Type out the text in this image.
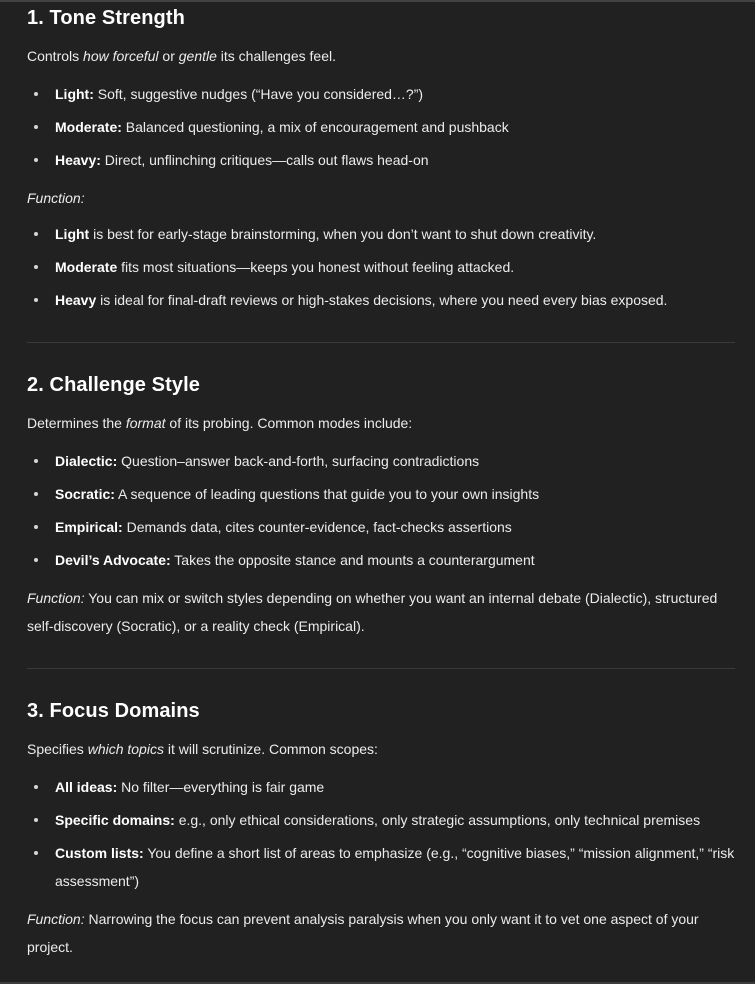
1. Tone Strength

Controls how forceful or gentle its challenges feel.

Light: Soft, suggestive nudges (“Have you considered…?”)
Moderate: Balanced questioning, a mix of encouragement and pushback
Heavy: Direct, unflinching critiques—calls out flaws head-on

Function:

Light is best for early-stage brainstorming, when you don’t want to shut down creativity.
Moderate fits most situations—keeps you honest without feeling attacked.
Heavy is ideal for final-draft reviews or high-stakes decisions, where you need every bias exposed.
2. Challenge Style

Determines the format of its probing. Common modes include:

Dialectic: Question–answer back-and-forth, surfacing contradictions
Socratic: A sequence of leading questions that guide you to your own insights
Empirical: Demands data, cites counter-evidence, fact-checks assertions
Devil’s Advocate: Takes the opposite stance and mounts a counterargument

Function: You can mix or switch styles depending on whether you want an internal debate (Dialectic), structured self-discovery (Socratic), or a reality check (Empirical).

3. Focus Domains

Specifies which topics it will scrutinize. Common scopes:

All ideas: No filter—everything is fair game
Specific domains: e.g., only ethical considerations, only strategic assumptions, only technical premises
Custom lists: You define a short list of areas to emphasize (e.g., “cognitive biases,” “mission alignment,” “risk assessment”)

Function: Narrowing the focus can prevent analysis paralysis when you only want it to vet one aspect of your project.
